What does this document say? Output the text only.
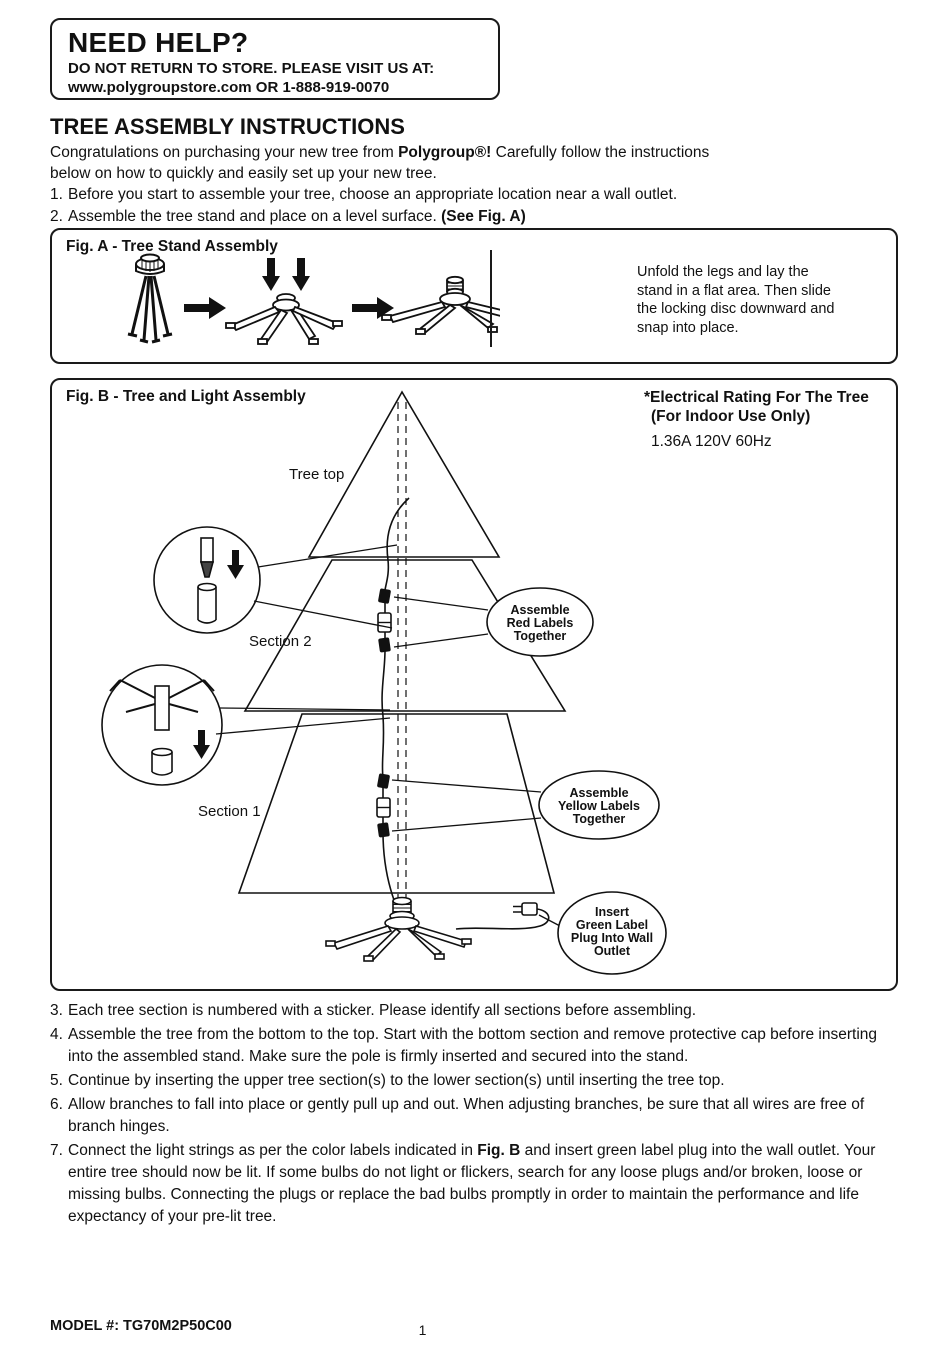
NEED HELP?
DO NOT RETURN TO STORE. PLEASE VISIT US AT:
www.polygroupstore.com OR 1-888-919-0070
TREE ASSEMBLY INSTRUCTIONS

Congratulations on purchasing your new tree from Polygroup®! Carefully follow the instructions below on how to quickly and easily set up your new tree.

1. Before you start to assemble your tree, choose an appropriate location near a wall outlet.
2. Assemble the tree stand and place on a level surface. (See Fig. A)
Fig. A - Tree Stand Assembly
Unfold the legs and lay the stand in a flat area. Then slide the locking disc downward and snap into place.
Assemble
Red Labels
Together
Assemble
Yellow Labels
Together
Insert
Green Label
Plug Into Wall
Outlet
Tree top
Section 2
Section 1
Fig. B - Tree and Light Assembly	*Electrical Rating For The Tree
(For Indoor Use Only)
1.36A 120V 60Hz
3. Each tree section is numbered with a sticker. Please identify all sections before assembling.
4. Assemble the tree from the bottom to the top. Start with the bottom section and remove protective cap before inserting into the assembled stand. Make sure the pole is firmly inserted and secured into the stand.
5. Continue by inserting the upper tree section(s) to the lower section(s) until inserting the tree top.
6. Allow branches to fall into place or gently pull up and out. When adjusting branches, be sure that all wires are free of branch hinges.
7. Connect the light strings as per the color labels indicated in Fig. B and insert green label plug into the wall outlet. Your entire tree should now be lit. If some bulbs do not light or flickers, search for any loose plugs and/or broken, loose or missing bulbs. Connecting the plugs or replace the bad bulbs promptly in order to maintain the performance and life expectancy of your pre-lit tree.
MODEL #: TG70M2P50C00	1
